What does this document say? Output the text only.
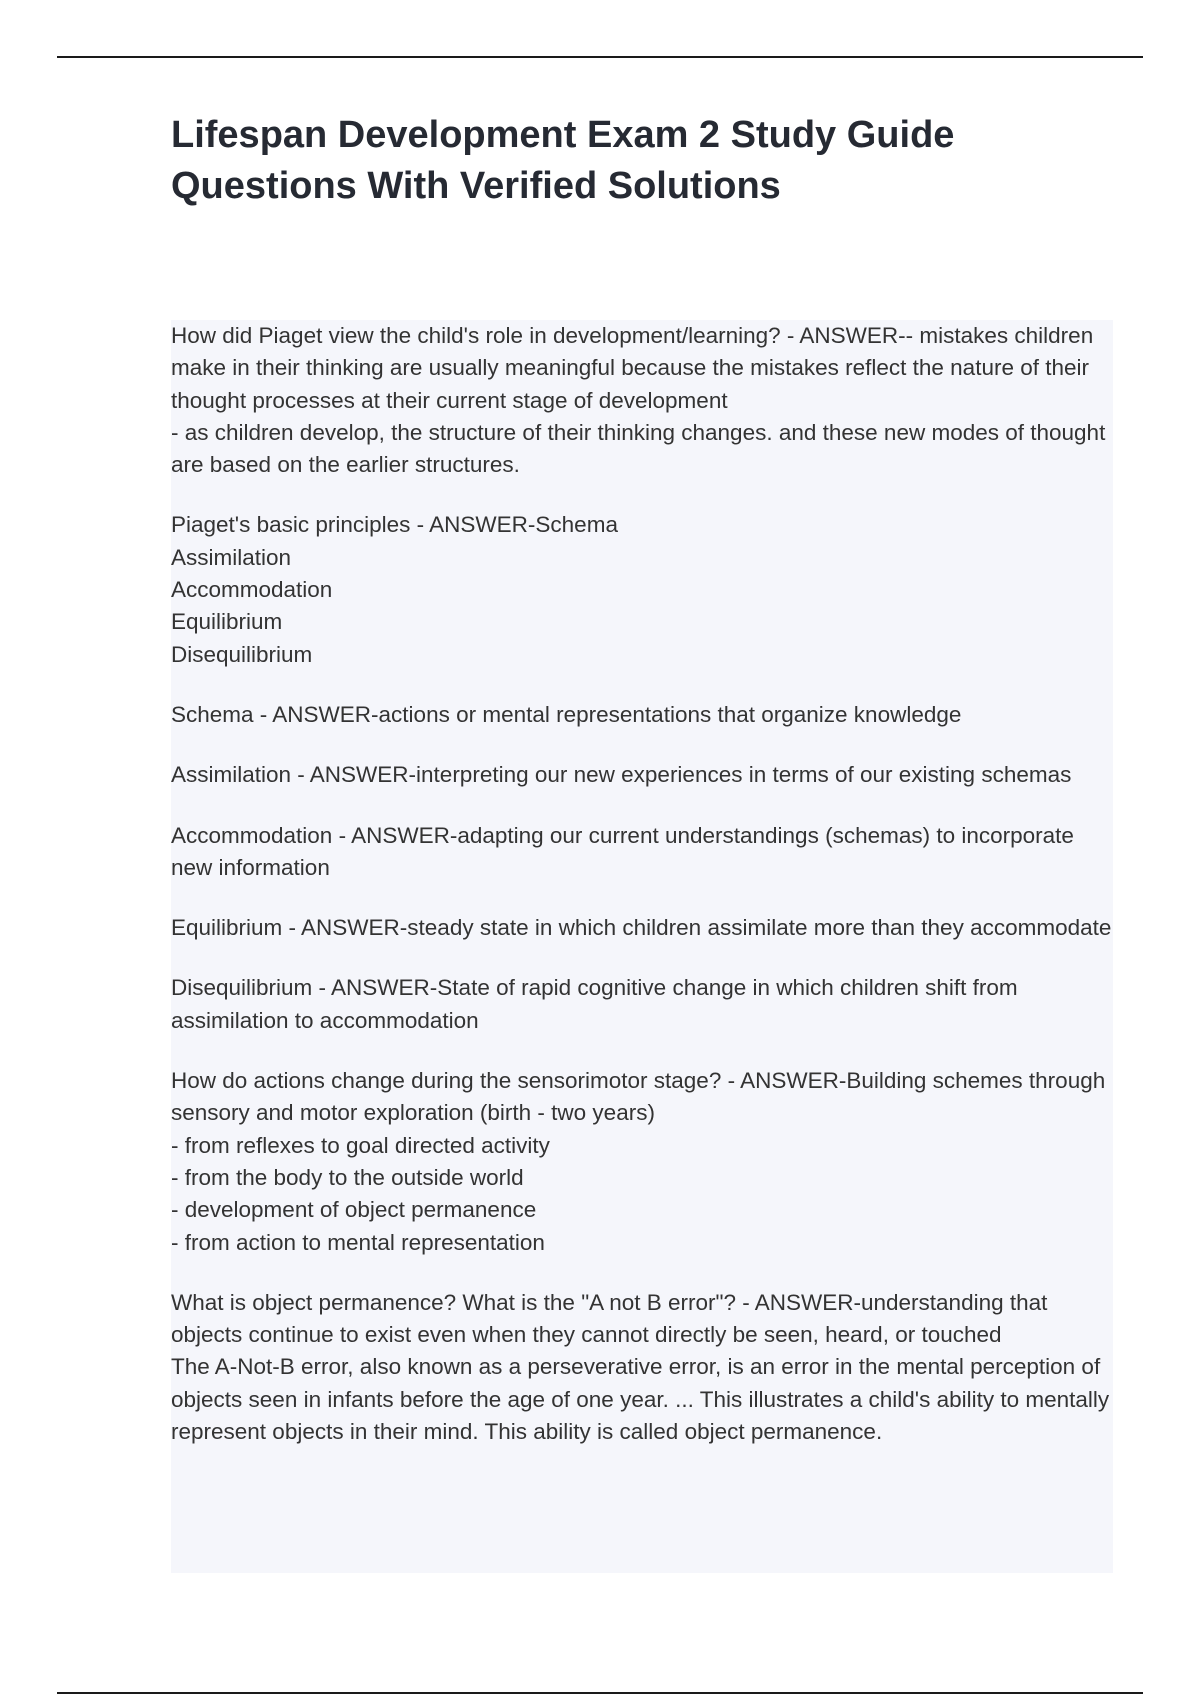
Lifespan Development Exam 2 Study Guide
Questions With Verified Solutions

How did Piaget view the child's role in development/learning? - ANSWER-- mistakes children make in their thinking are usually meaningful because the mistakes reflect the nature of their thought processes at their current stage of development
- as children develop, the structure of their thinking changes. and these new modes of thought are based on the earlier structures.

Piaget's basic principles - ANSWER-Schema
Assimilation
Accommodation
Equilibrium
Disequilibrium

Schema - ANSWER-actions or mental representations that organize knowledge

Assimilation - ANSWER-interpreting our new experiences in terms of our existing schemas

Accommodation - ANSWER-adapting our current understandings (schemas) to incorporate new information

Equilibrium - ANSWER-steady state in which children assimilate more than they accommodate

Disequilibrium - ANSWER-State of rapid cognitive change in which children shift from assimilation to accommodation

How do actions change during the sensorimotor stage? - ANSWER-Building schemes through sensory and motor exploration (birth - two years)
- from reflexes to goal directed activity
- from the body to the outside world
- development of object permanence
- from action to mental representation

What is object permanence? What is the "A not B error"? - ANSWER-understanding that objects continue to exist even when they cannot directly be seen, heard, or touched
The A-Not-B error, also known as a perseverative error, is an error in the mental perception of objects seen in infants before the age of one year. ... This illustrates a child's ability to mentally represent objects in their mind. This ability is called object permanence.
